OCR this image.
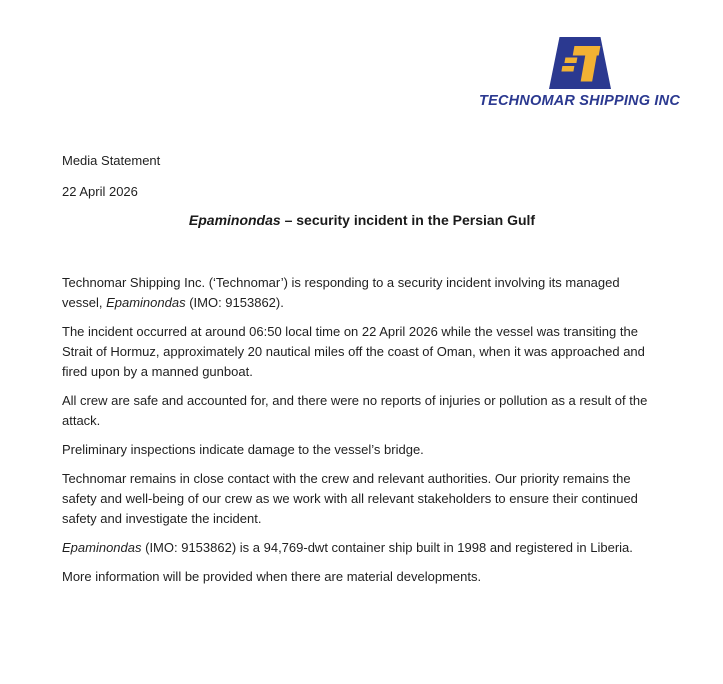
TECHNOMAR SHIPPING INC
Media Statement
22 April 2026
Epaminondas – security incident in the Persian Gulf

Technomar Shipping Inc. (‘Technomar’) is responding to a security incident involving its managed vessel, Epaminondas (IMO: 9153862).

The incident occurred at around 06:50 local time on 22 April 2026 while the vessel was transiting the Strait of Hormuz, approximately 20 nautical miles off the coast of Oman, when it was approached and fired upon by a manned gunboat.

All crew are safe and accounted for, and there were no reports of injuries or pollution as a result of the attack.

Preliminary inspections indicate damage to the vessel’s bridge.

Technomar remains in close contact with the crew and relevant authorities. Our priority remains the safety and well-being of our crew as we work with all relevant stakeholders to ensure their continued safety and investigate the incident.

Epaminondas (IMO: 9153862) is a 94,769-dwt container ship built in 1998 and registered in Liberia.

More information will be provided when there are material developments.
